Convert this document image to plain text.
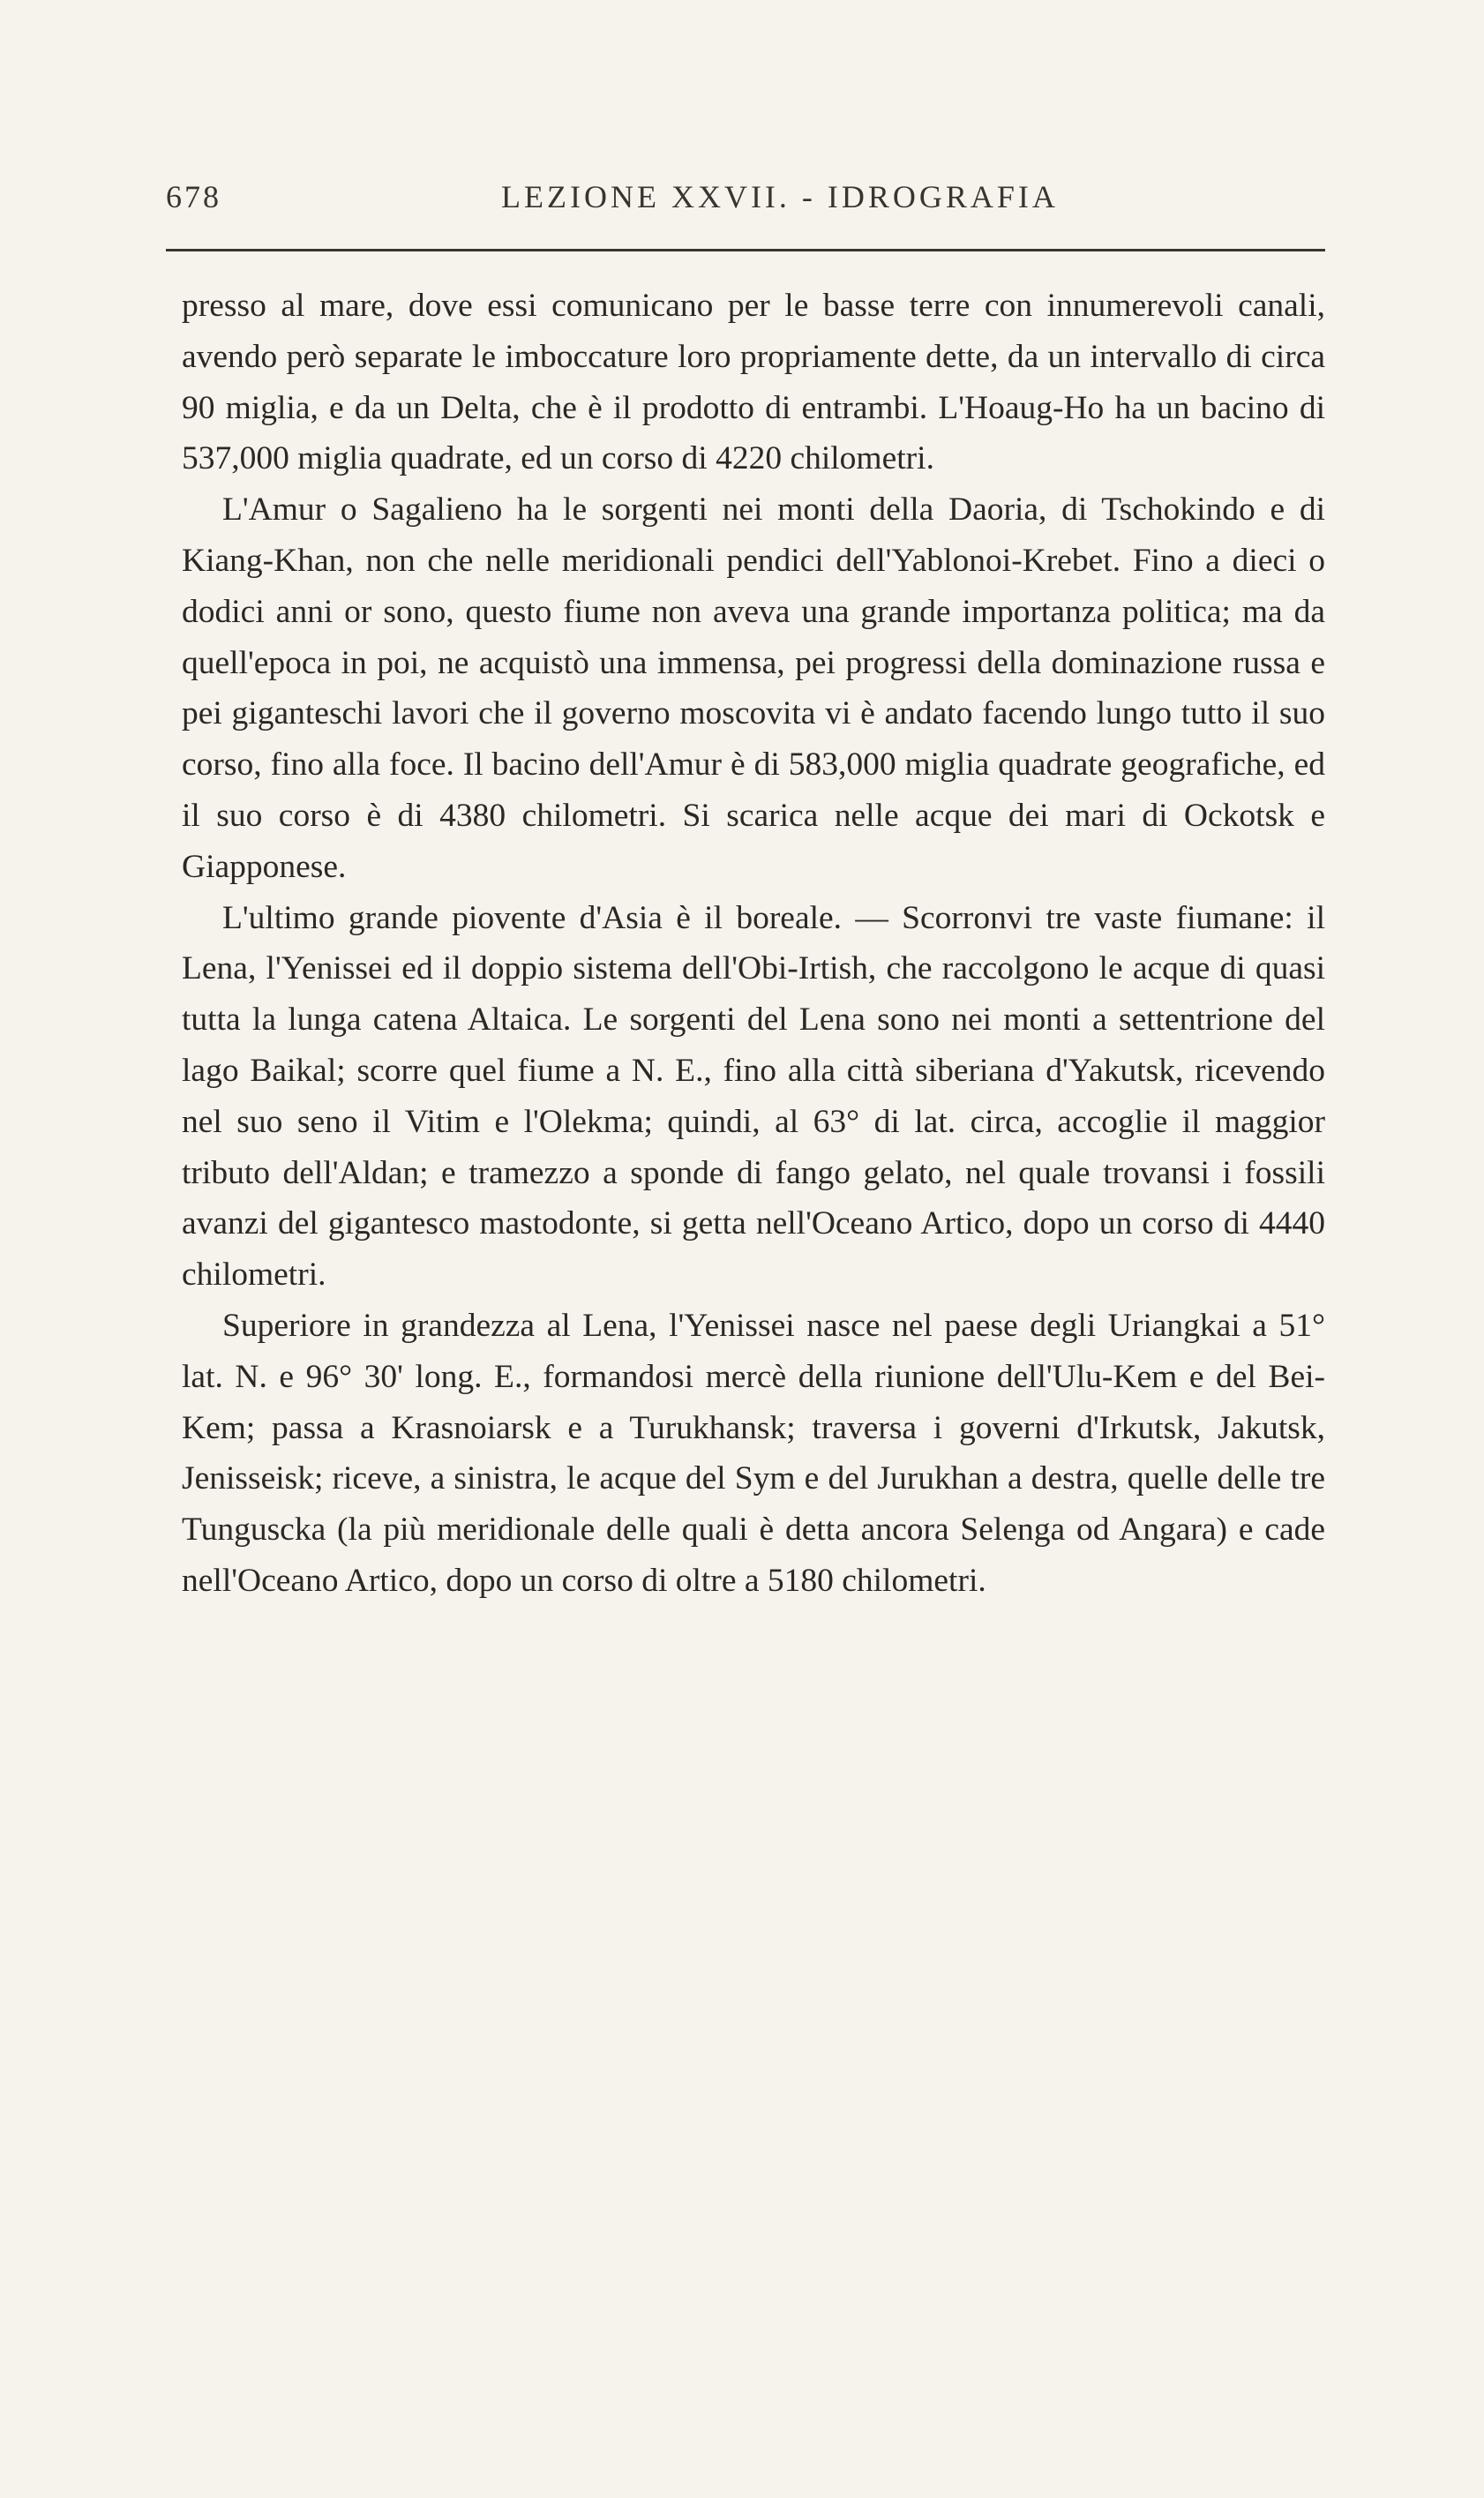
678	LEZIONE XXVII. - IDROGRAFIA

presso al mare, dove essi comunicano per le basse terre con innumerevoli canali, avendo però separate le imboccature loro propriamente dette, da un intervallo di circa 90 miglia, e da un Delta, che è il prodotto di entrambi. L'Hoaug-Ho ha un bacino di 537,000 miglia quadrate, ed un corso di 4220 chilometri.

L'Amur o Sagalieno ha le sorgenti nei monti della Daoria, di Tschokindo e di Kiang-Khan, non che nelle meridionali pendici dell'Yablonoi-Krebet. Fino a dieci o dodici anni or sono, questo fiume non aveva una grande importanza politica; ma da quell'epoca in poi, ne acquistò una immensa, pei progressi della dominazione russa e pei giganteschi lavori che il governo moscovita vi è andato facendo lungo tutto il suo corso, fino alla foce. Il bacino dell'Amur è di 583,000 miglia quadrate geografiche, ed il suo corso è di 4380 chilometri. Si scarica nelle acque dei mari di Ockotsk e Giapponese.

L'ultimo grande piovente d'Asia è il boreale. — Scorronvi tre vaste fiumane: il Lena, l'Yenissei ed il doppio sistema dell'Obi-Irtish, che raccolgono le acque di quasi tutta la lunga catena Altaica. Le sorgenti del Lena sono nei monti a settentrione del lago Baikal; scorre quel fiume a N. E., fino alla città siberiana d'Yakutsk, ricevendo nel suo seno il Vitim e l'Olekma; quindi, al 63° di lat. circa, accoglie il maggior tributo dell'Aldan; e tramezzo a sponde di fango gelato, nel quale trovansi i fossili avanzi del gigantesco mastodonte, si getta nell'Oceano Artico, dopo un corso di 4440 chilometri.

Superiore in grandezza al Lena, l'Yenissei nasce nel paese degli Uriangkai a 51° lat. N. e 96° 30' long. E., formandosi mercè della riunione dell'Ulu-Kem e del Bei-Kem; passa a Krasnoiarsk e a Turukhansk; traversa i governi d'Irkutsk, Jakutsk, Jenisseisk; riceve, a sinistra, le acque del Sym e del Jurukhan a destra, quelle delle tre Tunguscka (la più meridionale delle quali è detta ancora Selenga od Angara) e cade nell'Oceano Artico, dopo un corso di oltre a 5180 chilometri.
